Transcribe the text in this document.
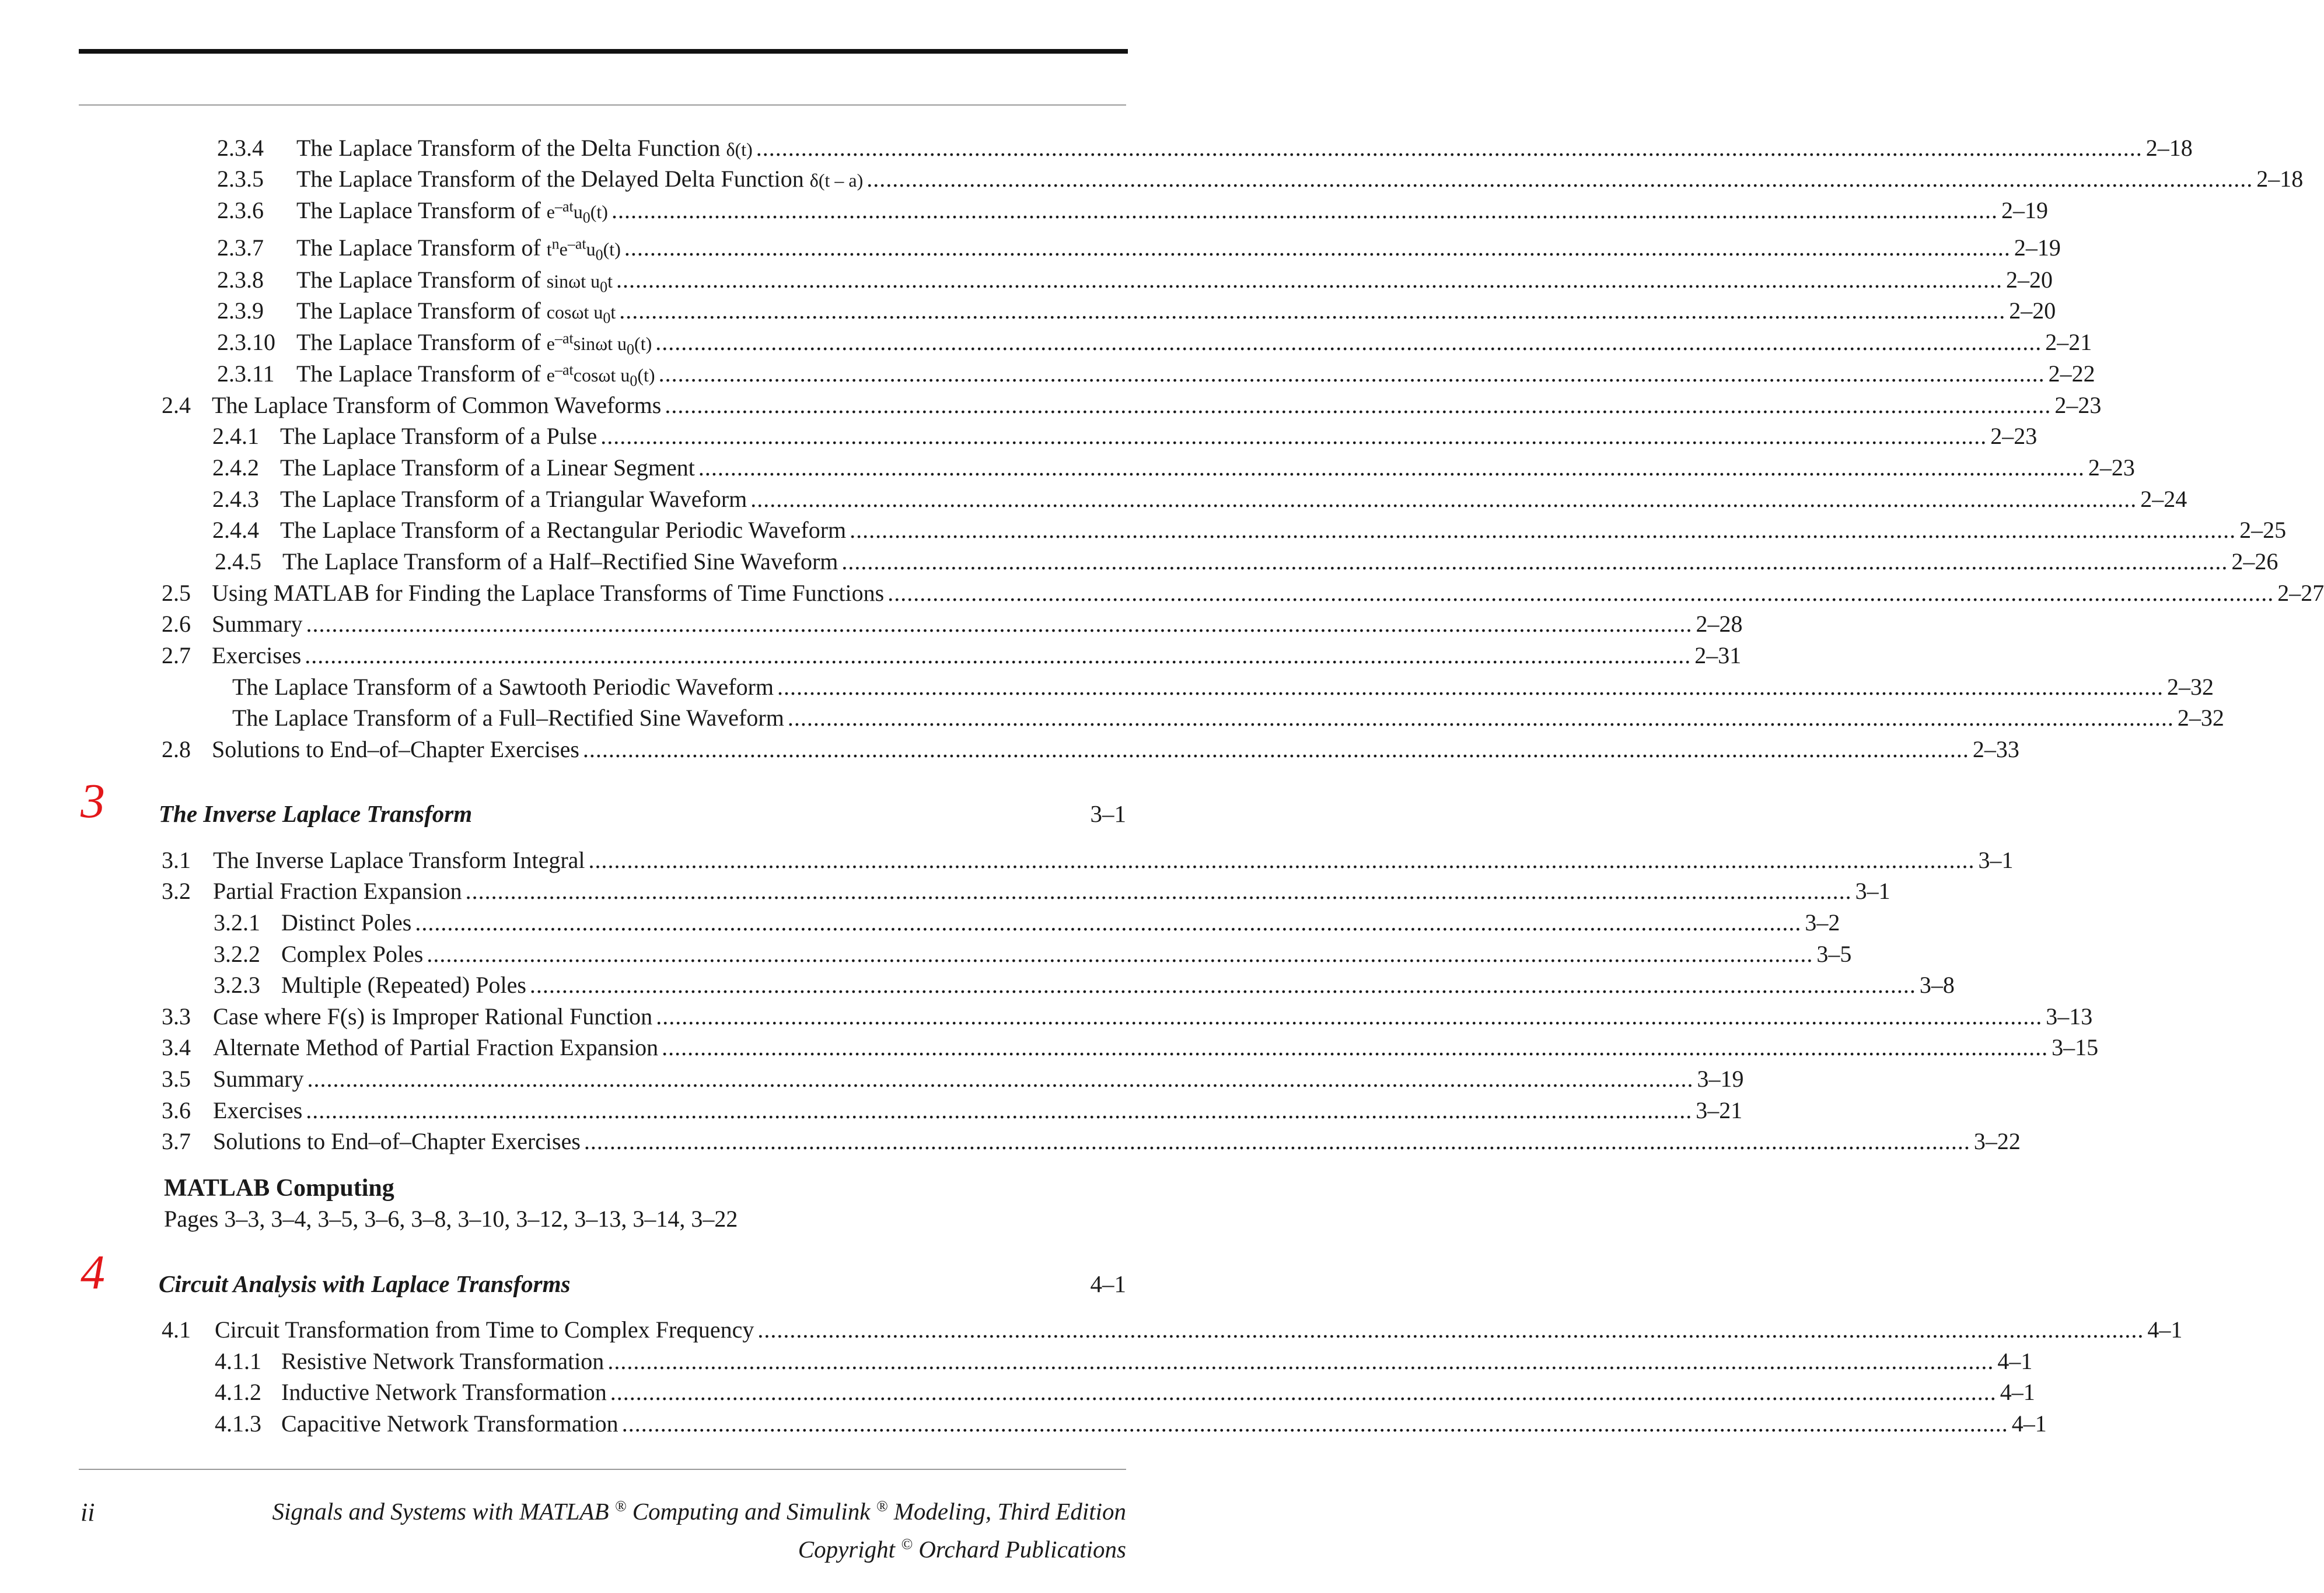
2.3.4	The Laplace Transform of the Delta Function δ(t) ........................................................................................................................................................................................................................ 2–18
2.3.5	The Laplace Transform of the Delayed Delta Function δ(t – a) ........................................................................................................................................................................................................................ 2–18
2.3.6	The Laplace Transform of $e^{-at}u_0(t)$ ........................................................................................................................................................................................................................ 2–19
2.3.7	The Laplace Transform of $t^ne^{-at}u_0(t)$ ........................................................................................................................................................................................................................ 2–19
2.3.8	The Laplace Transform of sinωt $u_0t$ ........................................................................................................................................................................................................................ 2–20
2.3.9	The Laplace Transform of cosωt $u_0t$ ........................................................................................................................................................................................................................ 2–20
2.3.10 The Laplace Transform of $e^{-at}\sin\omega t$ $u_0(t)$ ........................................................................................................................................................................................................................ 2–21
2.3.11 The Laplace Transform of $e^{-at}\cos\omega t$ $u_0(t)$ ........................................................................................................................................................................................................................ 2–22
2.4 The Laplace Transform of Common Waveforms ........................................................................................................................................................................................................................ 2–23
2.4.1 The Laplace Transform of a Pulse ........................................................................................................................................................................................................................ 2–23
2.4.2 The Laplace Transform of a Linear Segment ........................................................................................................................................................................................................................ 2–23
2.4.3 The Laplace Transform of a Triangular Waveform ........................................................................................................................................................................................................................ 2–24
2.4.4 The Laplace Transform of a Rectangular Periodic Waveform ........................................................................................................................................................................................................................ 2–25
2.4.5 The Laplace Transform of a Half–Rectified Sine Waveform ........................................................................................................................................................................................................................ 2–26
2.5 Using MATLAB for Finding the Laplace Transforms of Time Functions ........................................................................................................................................................................................................................ 2–27
2.6 Summary ........................................................................................................................................................................................................................ 2–28
2.7 Exercises ........................................................................................................................................................................................................................ 2–31
The Laplace Transform of a Sawtooth Periodic Waveform ........................................................................................................................................................................................................................ 2–32
The Laplace Transform of a Full–Rectified Sine Waveform ........................................................................................................................................................................................................................ 2–32
2.8 Solutions to End–of–Chapter Exercises ........................................................................................................................................................................................................................ 2–33
3 The Inverse Laplace Transform	3–1
3.1 The Inverse Laplace Transform Integral ........................................................................................................................................................................................................................ 3–1
3.2 Partial Fraction Expansion ........................................................................................................................................................................................................................ 3–1
3.2.1 Distinct Poles ........................................................................................................................................................................................................................ 3–2
3.2.2 Complex Poles ........................................................................................................................................................................................................................ 3–5
3.2.3 Multiple (Repeated) Poles ........................................................................................................................................................................................................................ 3–8
3.3 Case where F(s) is Improper Rational Function ........................................................................................................................................................................................................................ 3–13
3.4 Alternate Method of Partial Fraction Expansion ........................................................................................................................................................................................................................ 3–15
3.5 Summary ........................................................................................................................................................................................................................ 3–19
3.6 Exercises ........................................................................................................................................................................................................................ 3–21
3.7 Solutions to End–of–Chapter Exercises ........................................................................................................................................................................................................................ 3–22
MATLAB Computing
Pages 3–3, 3–4, 3–5, 3–6, 3–8, 3–10, 3–12, 3–13, 3–14, 3–22
4 Circuit Analysis with Laplace Transforms	4–1
4.1	Circuit Transformation from Time to Complex Frequency ........................................................................................................................................................................................................................ 4–1
4.1.1 Resistive Network Transformation ........................................................................................................................................................................................................................ 4–1
4.1.2 Inductive Network Transformation ........................................................................................................................................................................................................................ 4–1
4.1.3 Capacitive Network Transformation ........................................................................................................................................................................................................................ 4–1
ii	Signals and Systems with MATLAB ® Computing and Simulink ® Modeling, Third Edition
Copyright © Orchard Publications
